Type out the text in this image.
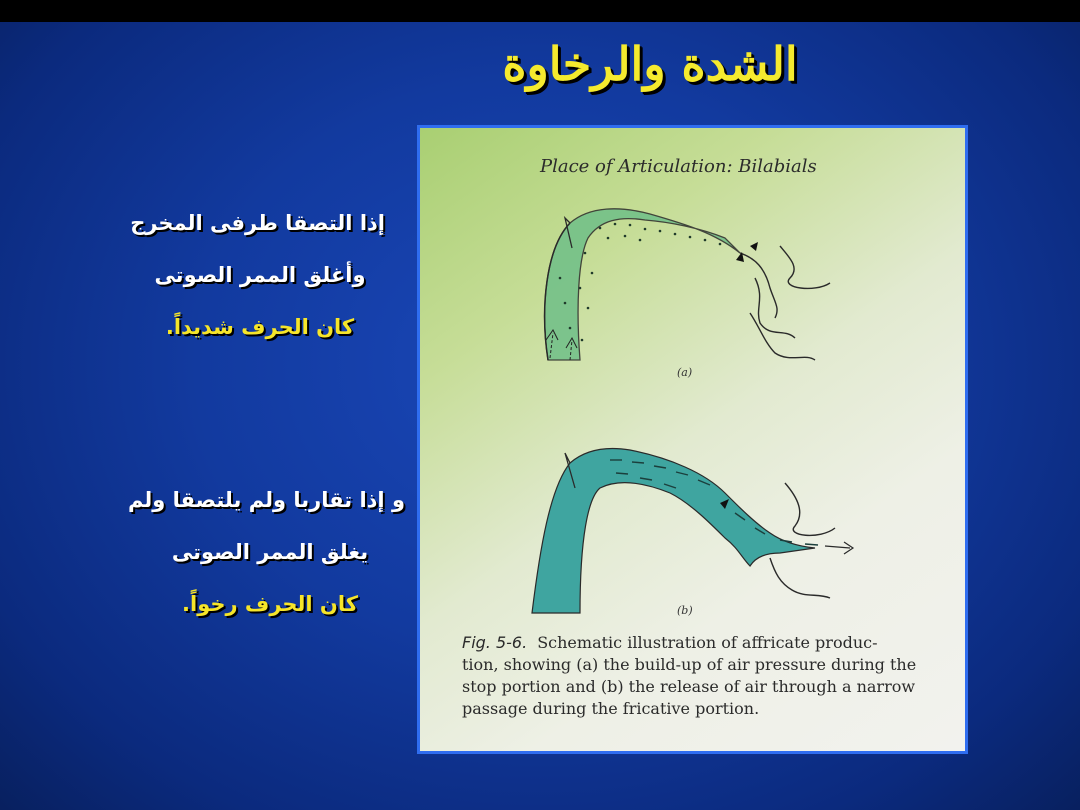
الشدة والرخاوة
إذا التصقا طرفى المخرج
وأغلق الممر الصوتى
كان الحرف شديداً.
و إذا تقاربا ولم يلتصقا ولم
يغلق الممر الصوتى
كان الحرف رخواً.
Place of Articulation: Bilabials
(a)
(b)
Fig. 5-6. Schematic illustration of affricate produc-
tion, showing (a) the build-up of air pressure during the
stop portion and (b) the release of air through a narrow
passage during the fricative portion.
